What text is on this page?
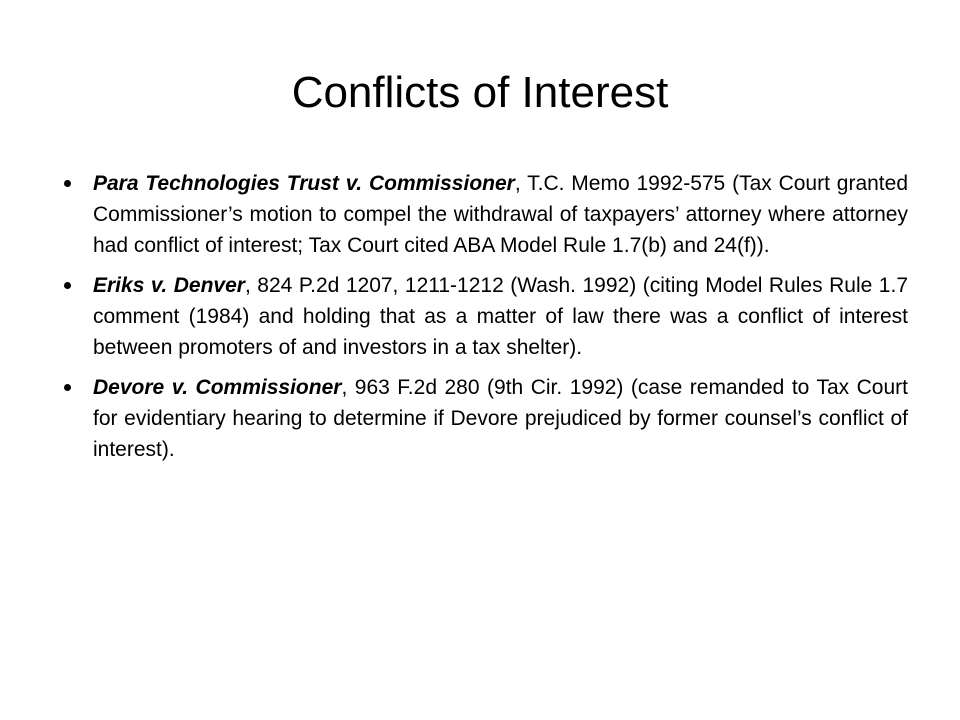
Conflicts of Interest
Para Technologies Trust v. Commissioner, T.C. Memo 1992-575 (Tax Court granted Commissioner’s motion to compel the withdrawal of taxpayers’ attorney where attorney had conflict of interest; Tax Court cited ABA Model Rule 1.7(b) and 24(f)).
Eriks v. Denver, 824 P.2d 1207, 1211-1212 (Wash. 1992) (citing Model Rules Rule 1.7 comment (1984) and holding that as a matter of law there was a conflict of interest between promoters of and investors in a tax shelter).
Devore v. Commissioner, 963 F.2d 280 (9th Cir. 1992) (case remanded to Tax Court for evidentiary hearing to determine if Devore prejudiced by former counsel’s conflict of interest).
